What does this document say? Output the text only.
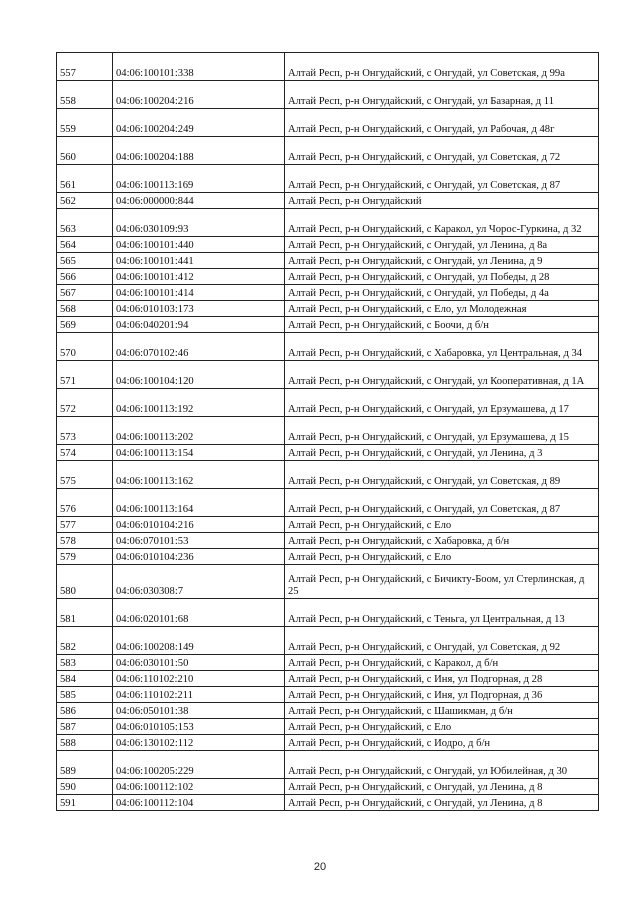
557	04:06:100101:338	Алтай Респ, р-н Онгудайский, с Онгудай, ул Советская, д 99а
558	04:06:100204:216	Алтай Респ, р-н Онгудайский, с Онгудай, ул Базарная, д 11
559	04:06:100204:249	Алтай Респ, р-н Онгудайский, с Онгудай, ул Рабочая, д 48г
560	04:06:100204:188	Алтай Респ, р-н Онгудайский, с Онгудай, ул Советская, д 72
561	04:06:100113:169	Алтай Респ, р-н Онгудайский, с Онгудай, ул Советская, д 87
562	04:06:000000:844	Алтай Респ, р-н Онгудайский
563	04:06:030109:93	Алтай Респ, р-н Онгудайский, с Каракол, ул Чорос-Гуркина, д 32
564	04:06:100101:440	Алтай Респ, р-н Онгудайский, с Онгудай, ул Ленина, д 8а
565	04:06:100101:441	Алтай Респ, р-н Онгудайский, с Онгудай, ул Ленина, д 9
566	04:06:100101:412	Алтай Респ, р-н Онгудайский, с Онгудай, ул Победы, д 28
567	04:06:100101:414	Алтай Респ, р-н Онгудайский, с Онгудай, ул Победы, д 4а
568	04:06:010103:173	Алтай Респ, р-н Онгудайский, с Ело, ул Молодежная
569	04:06:040201:94	Алтай Респ, р-н Онгудайский, с Боочи, д б/н
570	04:06:070102:46	Алтай Респ, р-н Онгудайский, с Хабаровка, ул Центральная, д 34
571	04:06:100104:120	Алтай Респ, р-н Онгудайский, с Онгудай, ул Кооперативная, д 1А
572	04:06:100113:192	Алтай Респ, р-н Онгудайский, с Онгудай, ул Ерзумашева, д 17
573	04:06:100113:202	Алтай Респ, р-н Онгудайский, с Онгудай, ул Ерзумашева, д 15
574	04:06:100113:154	Алтай Респ, р-н Онгудайский, с Онгудай, ул Ленина, д 3
575	04:06:100113:162	Алтай Респ, р-н Онгудайский, с Онгудай, ул Советская, д 89
576	04:06:100113:164	Алтай Респ, р-н Онгудайский, с Онгудай, ул Советская, д 87
577	04:06:010104:216	Алтай Респ, р-н Онгудайский, с Ело
578	04:06:070101:53	Алтай Респ, р-н Онгудайский, с Хабаровка, д б/н
579	04:06:010104:236	Алтай Респ, р-н Онгудайский, с Ело
580	04:06:030308:7	Алтай Респ, р-н Онгудайский, с Бичикту-Боом, ул Стерлинская, д 25
581	04:06:020101:68	Алтай Респ, р-н Онгудайский, с Теньга, ул Центральная, д 13
582	04:06:100208:149	Алтай Респ, р-н Онгудайский, с Онгудай, ул Советская, д 92
583	04:06:030101:50	Алтай Респ, р-н Онгудайский, с Каракол, д б/н
584	04:06:110102:210	Алтай Респ, р-н Онгудайский, с Иня, ул Подгорная, д 28
585	04:06:110102:211	Алтай Респ, р-н Онгудайский, с Иня, ул Подгорная, д 36
586	04:06:050101:38	Алтай Респ, р-н Онгудайский, с Шашикман, д б/н
587	04:06:010105:153	Алтай Респ, р-н Онгудайский, с Ело
588	04:06:130102:112	Алтай Респ, р-н Онгудайский, с Иодро, д б/н
589	04:06:100205:229	Алтай Респ, р-н Онгудайский, с Онгудай, ул Юбилейная, д 30
590	04:06:100112:102	Алтай Респ, р-н Онгудайский, с Онгудай, ул Ленина, д 8
591	04:06:100112:104	Алтай Респ, р-н Онгудайский, с Онгудай, ул Ленина, д 8
20
